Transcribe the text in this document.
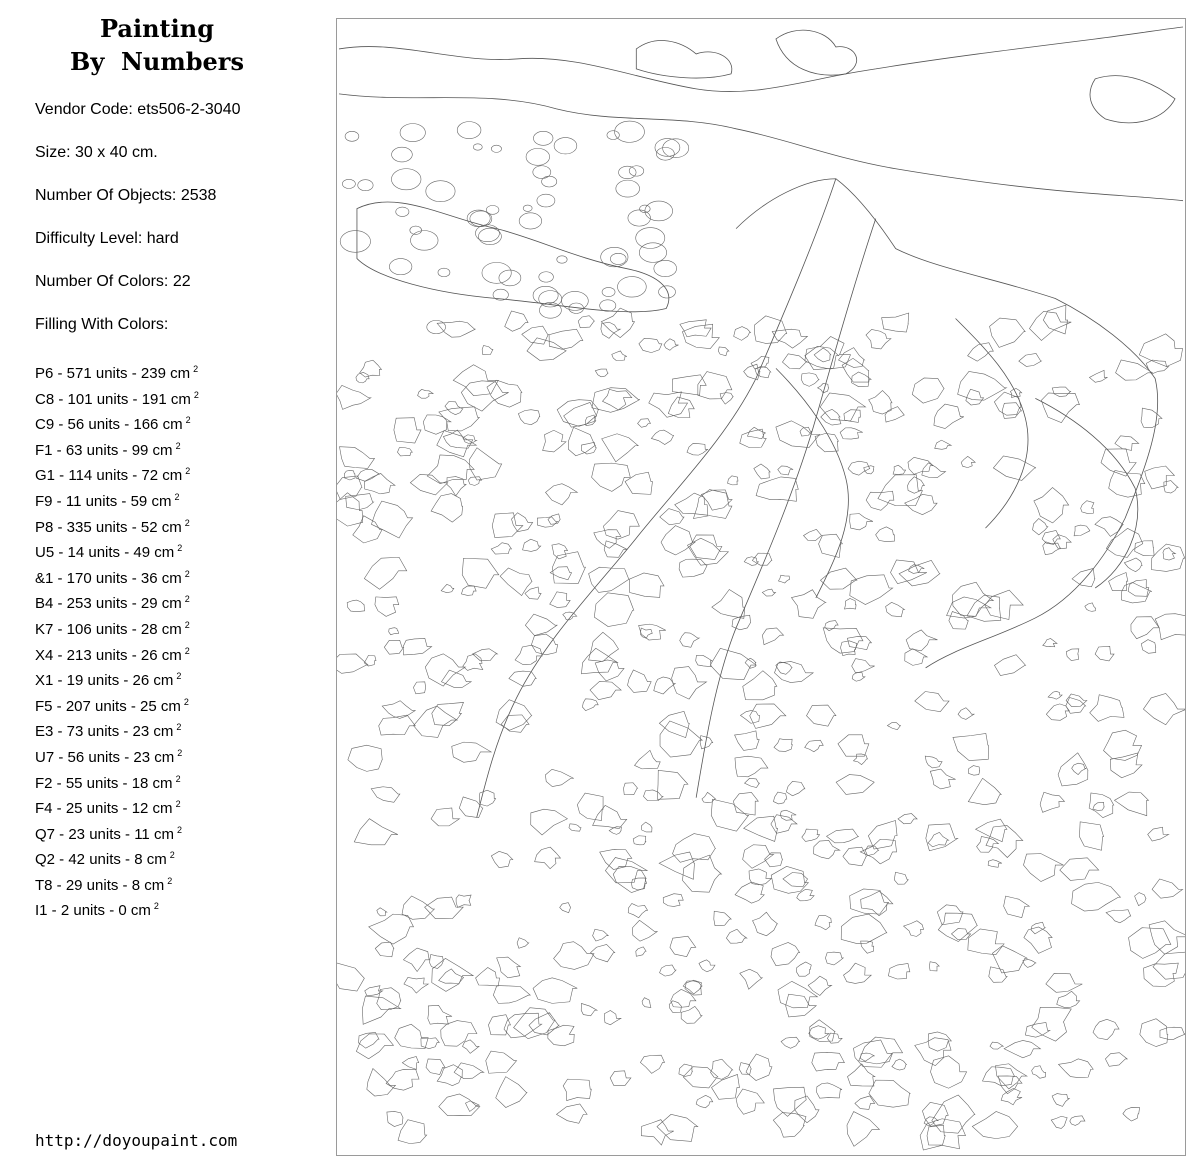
Painting
By  Numbers
Vendor Code: ets506-2-3040
Size: 30 x 40 cm.
Number Of Objects: 2538
Difficulty Level: hard
Number Of Colors: 22
Filling With Colors:
P6 - 571 units - 239 cm $^2$
C8 - 101 units - 191 cm $^2$
C9 - 56 units - 166 cm $^2$
F1 - 63 units - 99 cm $^2$
G1 - 114 units - 72 cm $^2$
F9 - 11 units - 59 cm $^2$
P8 - 335 units - 52 cm $^2$
U5 - 14 units - 49 cm $^2$
&1 - 170 units - 36 cm $^2$
B4 - 253 units - 29 cm $^2$
K7 - 106 units - 28 cm $^2$
X4 - 213 units - 26 cm $^2$
X1 - 19 units - 26 cm $^2$
F5 - 207 units - 25 cm $^2$
E3 - 73 units - 23 cm $^2$
U7 - 56 units - 23 cm $^2$
F2 - 55 units - 18 cm $^2$
F4 - 25 units - 12 cm $^2$
Q7 - 23 units - 11 cm $^2$
Q2 - 42 units - 8 cm $^2$
T8 - 29 units - 8 cm $^2$
I1 - 2 units - 0 cm $^2$
http://doyoupaint.com
